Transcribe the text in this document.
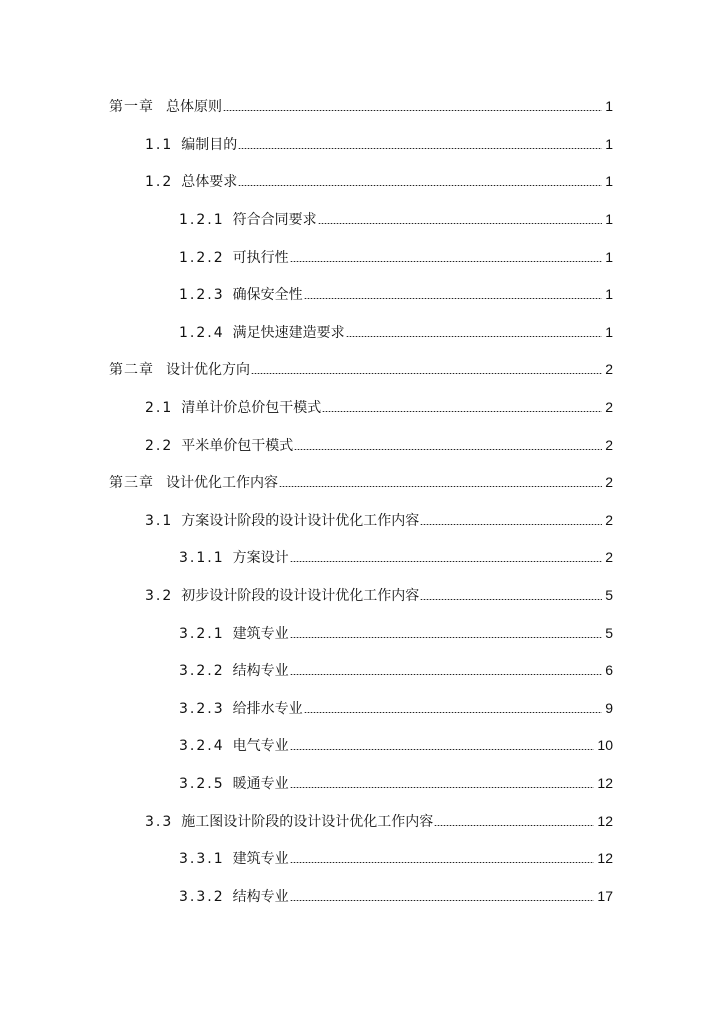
第一章 总体原则	1
1.1 编制目的	1
1.2 总体要求	1
1.2.1 符合合同要求	1
1.2.2 可执行性	1
1.2.3 确保安全性	1
1.2.4 满足快速建造要求	1
第二章 设计优化方向	2
2.1 清单计价总价包干模式	2
2.2 平米单价包干模式	2
第三章 设计优化工作内容	2
3.1 方案设计阶段的设计设计优化工作内容	2
3.1.1 方案设计	2
3.2 初步设计阶段的设计设计优化工作内容	5
3.2.1 建筑专业	5
3.2.2 结构专业	6
3.2.3 给排水专业	9
3.2.4 电气专业	10
3.2.5 暖通专业	12
3.3 施工图设计阶段的设计设计优化工作内容	12
3.3.1 建筑专业	12
3.3.2 结构专业	17
